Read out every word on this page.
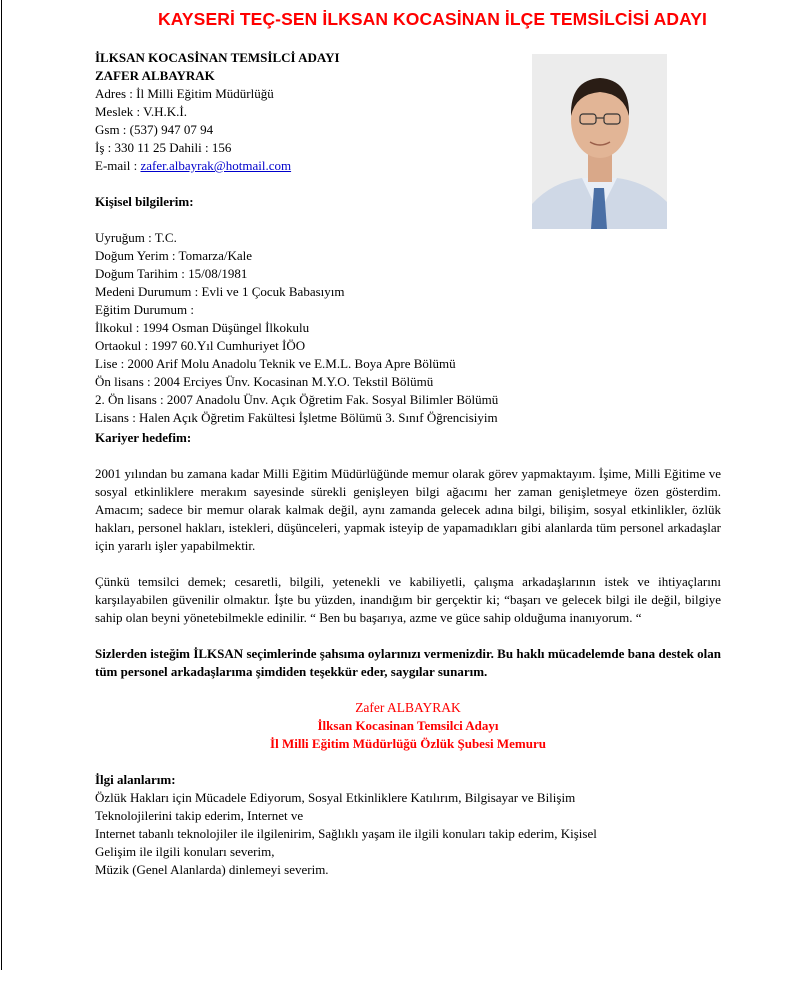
KAYSERİ TEÇ-SEN İLKSAN KOCASİNAN İLÇE TEMSİLCİSİ ADAYI
İLKSAN KOCASİNAN TEMSİLCİ ADAYI
ZAFER ALBAYRAK
Adres : İl Milli Eğitim Müdürlüğü
Meslek : V.H.K.İ.
Gsm : (537) 947 07 94
İş : 330 11 25 Dahili : 156
E-mail : zafer.albayrak@hotmail.com
Kişisel bilgilerim:
Uyruğum : T.C.
Doğum Yerim : Tomarza/Kale
Doğum Tarihim : 15/08/1981
Medeni Durumum : Evli ve 1 Çocuk Babasıyım
Eğitim Durumum :
İlkokul : 1994 Osman Düşüngel İlkokulu
Ortaokul : 1997 60.Yıl Cumhuriyet İÖO
Lise : 2000 Arif Molu Anadolu Teknik ve E.M.L. Boya Apre Bölümü
Ön lisans : 2004 Erciyes Ünv. Kocasinan M.Y.O. Tekstil Bölümü
2. Ön lisans : 2007 Anadolu Ünv. Açık Öğretim Fak. Sosyal Bilimler Bölümü
Lisans : Halen Açık Öğretim Fakültesi İşletme Bölümü 3. Sınıf Öğrencisiyim
Kariyer hedefim:
2001 yılından bu zamana kadar Milli Eğitim Müdürlüğünde memur olarak görev yapmaktayım. İşime, Milli Eğitime ve sosyal etkinliklere merakım sayesinde sürekli genişleyen bilgi ağacımı her zaman genişletmeye özen gösterdim. Amacım; sadece bir memur olarak kalmak değil, aynı zamanda gelecek adına bilgi, bilişim, sosyal etkinlikler, özlük hakları, personel hakları, istekleri, düşünceleri, yapmak isteyip de yapamadıkları gibi alanlarda tüm personel arkadaşlar için yararlı işler yapabilmektir.
Çünkü temsilci demek; cesaretli, bilgili, yetenekli ve kabiliyetli, çalışma arkadaşlarının istek ve ihtiyaçlarını karşılayabilen güvenilir olmaktır. İşte bu yüzden, inandığım bir gerçektir ki; “başarı ve gelecek bilgi ile değil, bilgiye sahip olan beyni yönetebilmekle edinilir. “ Ben bu başarıya, azme ve güce sahip olduğuma inanıyorum. “
Sizlerden isteğim İLKSAN seçimlerinde şahsıma oylarınızı vermenizdir. Bu haklı mücadelemde bana destek olan tüm personel arkadaşlarıma şimdiden teşekkür eder, saygılar sunarım.
Zafer ALBAYRAK
İlksan Kocasinan Temsilci Adayı
İl Milli Eğitim Müdürlüğü Özlük Şubesi Memuru
İlgi alanlarım:
Özlük Hakları için Mücadele Ediyorum, Sosyal Etkinliklere Katılırım, Bilgisayar ve Bilişim
Teknolojilerini takip ederim, Internet ve
Internet tabanlı teknolojiler ile ilgilenirim, Sağlıklı yaşam ile ilgili konuları takip ederim, Kişisel
Gelişim ile ilgili konuları severim,
Müzik (Genel Alanlarda) dinlemeyi severim.
